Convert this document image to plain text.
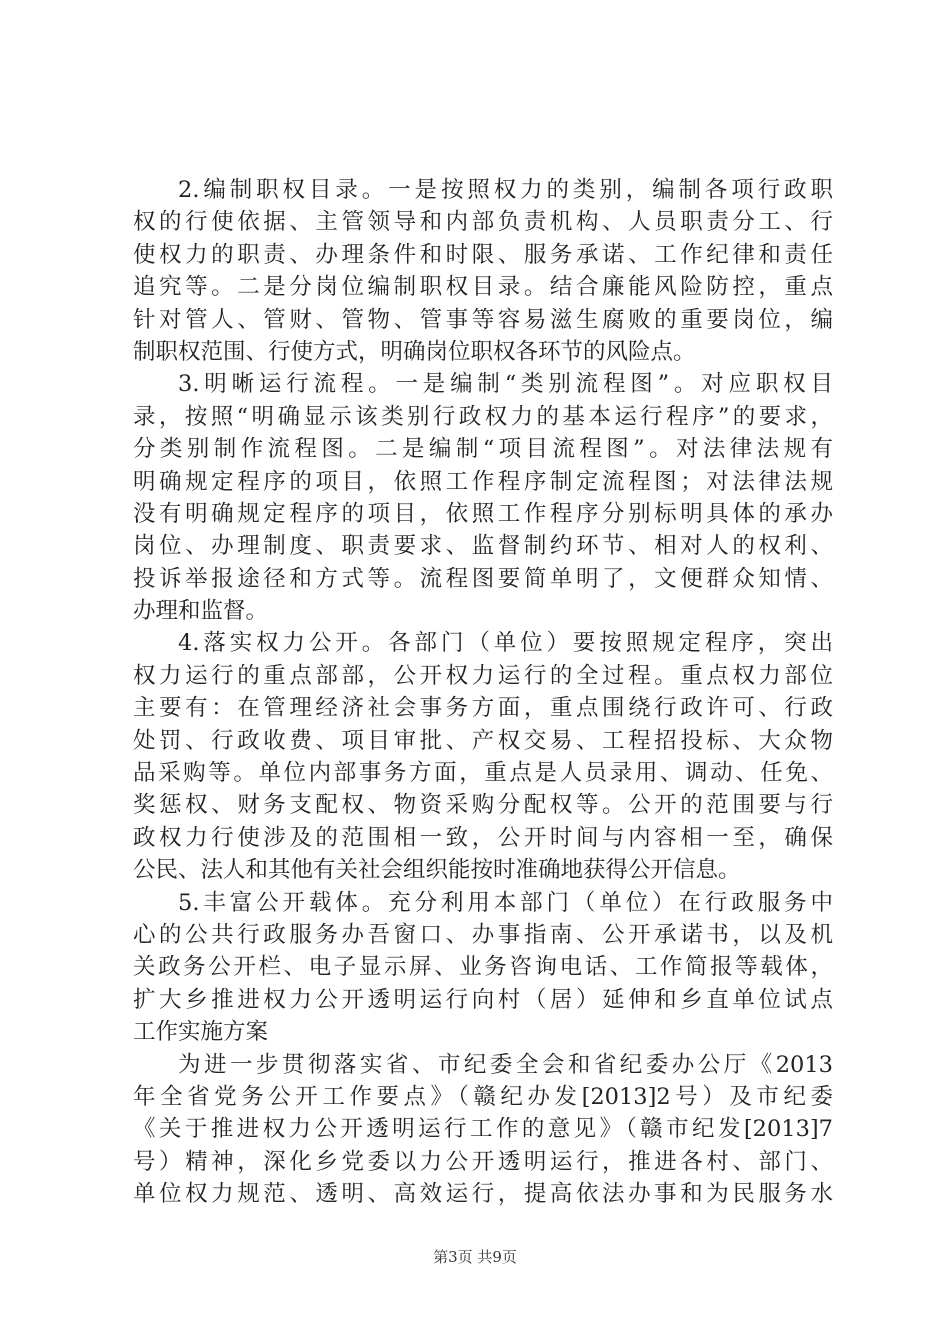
2.编制职权目录。一是按照权力的类别，编制各项行政职
权的行使依据、主管领导和内部负责机构、人员职责分工、行
使权力的职责、办理条件和时限、服务承诺、工作纪律和责任
追究等。二是分岗位编制职权目录。结合廉能风险防控，重点
针对管人、管财、管物、管事等容易滋生腐败的重要岗位，编
制职权范围、行使方式，明确岗位职权各环节的风险点。
3.明晰运行流程。一是编制“类别流程图”。对应职权目
录，按照“明确显示该类别行政权力的基本运行程序”的要求，
分类别制作流程图。二是编制“项目流程图”。对法律法规有
明确规定程序的项目，依照工作程序制定流程图；对法律法规
没有明确规定程序的项目，依照工作程序分别标明具体的承办
岗位、办理制度、职责要求、监督制约环节、相对人的权利、
投诉举报途径和方式等。流程图要简单明了，文便群众知情、
办理和监督。
4.落实权力公开。各部门（单位）要按照规定程序，突出
权力运行的重点部部，公开权力运行的全过程。重点权力部位
主要有：在管理经济社会事务方面，重点围绕行政许可、行政
处罚、行政收费、项目审批、产权交易、工程招投标、大众物
品采购等。单位内部事务方面，重点是人员录用、调动、任免、
奖惩权、财务支配权、物资采购分配权等。公开的范围要与行
政权力行使涉及的范围相一致，公开时间与内容相一至，确保
公民、法人和其他有关社会组织能按时准确地获得公开信息。
5.丰富公开载体。充分利用本部门（单位）在行政服务中
心的公共行政服务办吾窗口、办事指南、公开承诺书，以及机
关政务公开栏、电子显示屏、业务咨询电话、工作简报等载体，
扩大乡推进权力公开透明运行向村（居）延伸和乡直单位试点
工作实施方案
为进一步贯彻落实省、市纪委全会和省纪委办公厅《2013
年全省党务公开工作要点》（赣纪办发[2013]2号）及市纪委
《关于推进权力公开透明运行工作的意见》（赣市纪发[2013]7
号）精神，深化乡党委以力公开透明运行，推进各村、部门、
单位权力规范、透明、高效运行，提高依法办事和为民服务水
第3页 共9页
